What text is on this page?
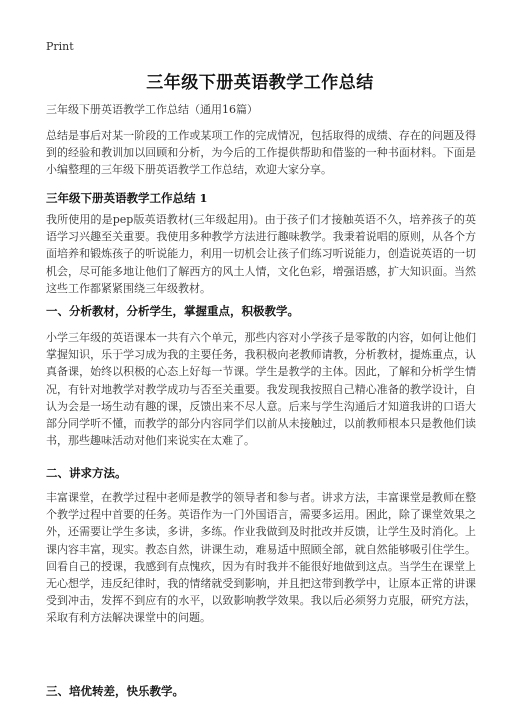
Print
三年级下册英语教学工作总结
三年级下册英语教学工作总结（通用16篇）

总结是事后对某一阶段的工作或某项工作的完成情况，包括取得的成绩、存在的问题及得到的经验和教训加以回顾和分析，为今后的工作提供帮助和借鉴的一种书面材料。下面是小编整理的三年级下册英语教学工作总结，欢迎大家分享。

三年级下册英语教学工作总结 1

我所使用的是pep版英语教材(三年级起用)。由于孩子们才接触英语不久，培养孩子的英语学习兴趣至关重要。我使用多种教学方法进行趣味教学。我秉着说唱的原则，从各个方面培养和锻炼孩子的听说能力，利用一切机会让孩子们练习听说能力，创造说英语的一切机会，尽可能多地让他们了解西方的风土人情，文化色彩，增强语感，扩大知识面。当然这些工作都紧紧围绕三年级教材。

一、分析教材，分析学生，掌握重点，积极教学。

小学三年级的英语课本一共有六个单元，那些内容对小学孩子是零散的内容，如何让他们掌握知识，乐于学习成为我的主要任务，我积极向老教师请教，分析教材，提炼重点，认真备课，始终以积极的心态上好每一节课。学生是教学的主体。因此，了解和分析学生情况，有针对地教学对教学成功与否至关重要。我发现我按照自己精心准备的教学设计，自认为会是一场生动有趣的课，反馈出来不尽人意。后来与学生沟通后才知道我讲的口语大部分同学听不懂，而教学的部分内容同学们以前从未接触过，以前教师根本只是教他们读书，那些趣味活动对他们来说实在太难了。

二、讲求方法。

丰富课堂，在教学过程中老师是教学的领导者和参与者。讲求方法，丰富课堂是教师在整个教学过程中首要的任务。英语作为一门外国语言，需要多运用。困此，除了课堂效果之外，还需要让学生多读，多讲，多练。作业我做到及时批改并反馈，让学生及时消化。上课内容丰富，现实。教态自然，讲课生动，难易适中照顾全部，就自然能够吸引住学生。回看自己的授课，我感到有点愧疚，因为有时我并不能很好地做到这点。当学生在课堂上无心想学，违反纪律时，我的情绪就受到影响，并且把这带到教学中，让原本正常的讲课受到冲击，发挥不到应有的水平，以致影响教学效果。我以后必须努力克服，研究方法，采取有利方法解决课堂中的问题。

三、培优转差，快乐教学。
